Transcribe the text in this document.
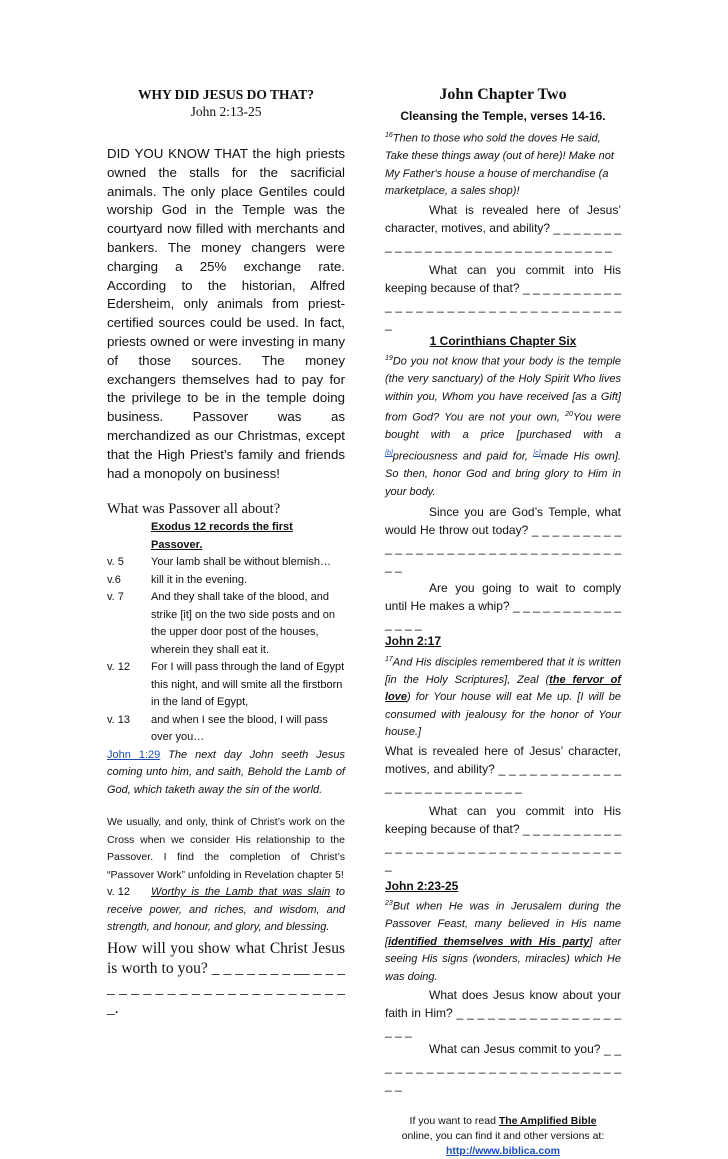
WHY DID JESUS DO THAT?
John 2:13-25

DID YOU KNOW THAT the high priests owned the stalls for the sacrificial animals. The only place Gentiles could worship God in the Temple was the courtyard now filled with merchants and bankers. The money changers were charging a 25% exchange rate. According to the historian, Alfred Edersheim, only animals from priest-certified sources could be used. In fact, priests owned or were investing in many of those sources. The money exchangers themselves had to pay for the privilege to be in the temple doing business. Passover was as merchandized as our Christmas, except that the High Priest’s family and friends had a monopoly on business!

What was Passover all about?
Exodus 12 records the first Passover.
v. 5	Your lamb shall be without blemish…
v.6	kill it in the evening.
v. 7	And they shall take of the blood, and strike [it] on the two side posts and on the upper door post of the houses, wherein they shall eat it.
v. 12	For I will pass through the land of Egypt this night, and will smite all the firstborn in the land of Egypt,
v. 13	and when I see the blood, I will pass over you…

John 1:29 The next day John seeth Jesus coming unto him, and saith, Behold the Lamb of God, which taketh away the sin of the world.

We usually, and only, think of Christ’s work on the Cross when we consider His relationship to the Passover. I find the completion of Christ’s “Passover Work” unfolding in Revelation chapter 5!

v. 12 Worthy is the Lamb that was slain to receive power, and riches, and wisdom, and strength, and honour, and glory, and blessing.

How will you show what Christ Jesus is worth to you? _ _ _ _ _ _ _ __ _ _ _ _ _ _ _ _ _ _ _ _ _ _ _ _ _ _ _ _ _ _ _ _.

John Chapter Two
Cleansing the Temple, verses 14-16.

$^{16}$Then to those who sold the doves He said, Take these things away (out of here)! Make not My Father's house a house of merchandise (a marketplace, a sales shop)!

What is revealed here of Jesus’ character, motives, and ability? _ _ _ _ _ _ _ _ _ _ _ _ _ _ _ _ _ _ _ _ _ _ _ _ _ _ _ _ _ _

What can you commit into His keeping because of that? _ _ _ _ _ _ _ _ _ _ _ _ _ _ _ _ _ _ _ _ _ _ _ _ _ _ _ _ _ _ _ _ _ _

1 Corinthians Chapter Six

$^{19}$Do you not know that your body is the temple (the very sanctuary) of the Holy Spirit Who lives within you, Whom you have received [as a Gift] from God? You are not your own, $^{20}$You were bought with a price [purchased with a [b]preciousness and paid for, [c]made His own]. So then, honor God and bring glory to Him in your body.

Since you are God’s Temple, what would He throw out today? _ _ _ _ _ _ _ _ _ _ _ _ _ _ _ _ _ _ _ _ _ _ _ _ _ _ _ _ _ _ _ _ _ _

Are you going to wait to comply until He makes a whip? _ _ _ _ _ _ _ _ _ _ _ _ _ _ _

John 2:17

$^{17}$And His disciples remembered that it is written [in the Holy Scriptures], Zeal (the fervor of love) for Your house will eat Me up. [I will be consumed with jealousy for the honor of Your house.]

What is revealed here of Jesus’ character, motives, and ability? _ _ _ _ _ _ _ _ _ _ _ _ _ _ _ _ _ _ _ _ _ _ _ _ _ _

What can you commit into His keeping because of that? _ _ _ _ _ _ _ _ _ _ _ _ _ _ _ _ _ _ _ _ _ _ _ _ _ _ _ _ _ _ _ _ _ _

John 2:23-25

$^{23}$But when He was in Jerusalem during the Passover Feast, many believed in His name [identified themselves with His party] after seeing His signs (wonders, miracles) which He was doing.

What does Jesus know about your faith in Him? _ _ _ _ _ _ _ _ _ _ _ _ _ _ _ _ _ _ _

What can Jesus commit to you? _ _ _ _ _ _ _ _ _ _ _ _ _ _ _ _ _ _ _ _ _ _ _ _ _ _ _

If you want to read The Amplified Bible
online, you can find it and other versions at:
http://www.biblica.com
